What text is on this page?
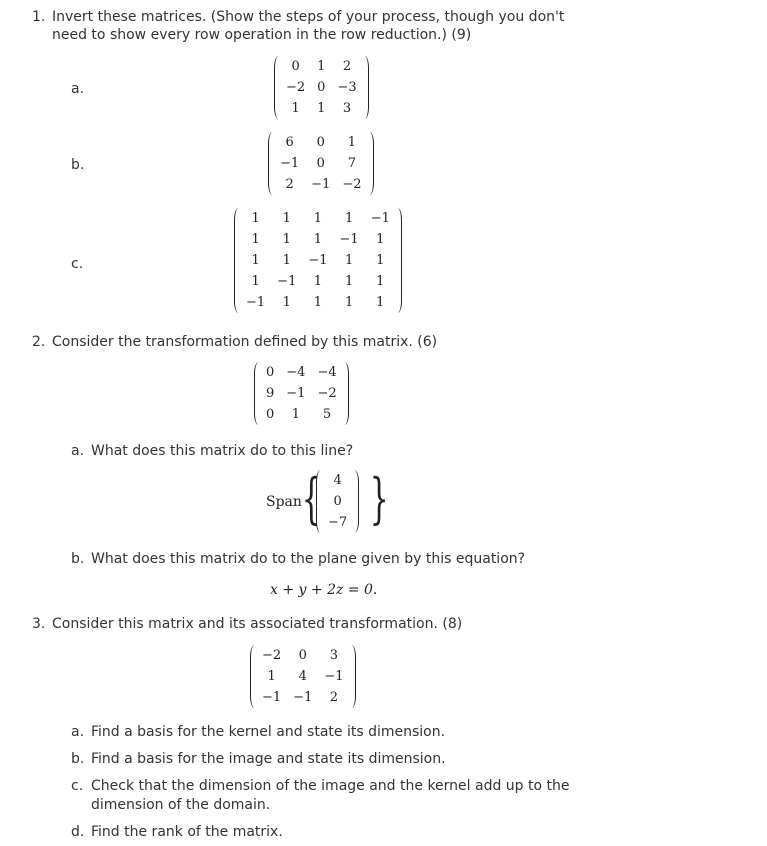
1. Invert these matrices. (Show the steps of your process, though you don't
need to show every row operation in the row reduction.) (9)
a.
0	1	2
−2	0	−3
1	1	3
b.
6	0	1
−1	0	7
2	−1	−2
c.
1	1	1	1	−1
1	1	1	−1	1
1	1	−1	1	1
1	−1	1	1	1
−1	1	1	1	1
2. Consider the transformation defined by this matrix. (6)
0	−4	−4
9	−1	−2
0	1	5
a. What does this matrix do to this line?
Span { 4
0
−7 }
b. What does this matrix do to the plane given by this equation?
x + y + 2z = 0.
3. Consider this matrix and its associated transformation. (8)
−2	0	3
1	4	−1
−1	−1	2
a. Find a basis for the kernel and state its dimension.
b. Find a basis for the image and state its dimension.
c. Check that the dimension of the image and the kernel add up to the
dimension of the domain.
d. Find the rank of the matrix.
